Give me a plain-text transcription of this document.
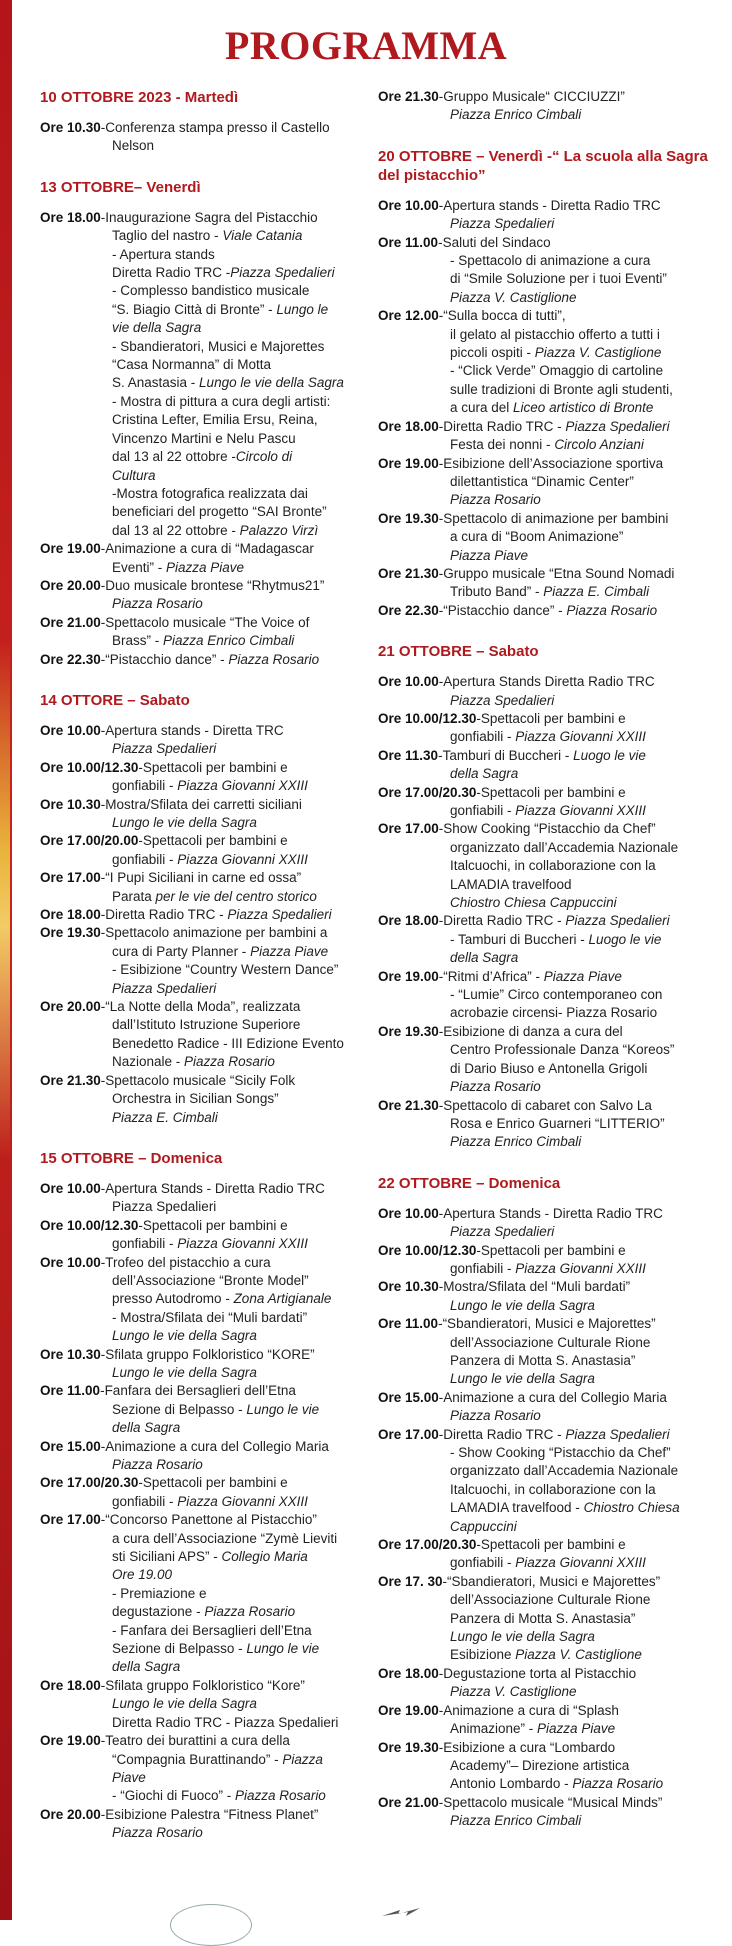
PROGRAMMA
10 OTTOBRE 2023 - Martedì
Ore 10.30 - Conferenza stampa presso il Castello
Nelson
13 OTTOBRE– Venerdì
Ore 18.00 - Inaugurazione Sagra del Pistacchio
Taglio del nastro - Viale Catania
- Apertura stands
Diretta Radio TRC -Piazza Spedalieri
- Complesso bandistico musicale
“S. Biagio Città di Bronte” - Lungo le
vie della Sagra
- Sbandieratori, Musici e Majorettes
“Casa Normanna” di Motta
S. Anastasia - Lungo le vie della Sagra
- Mostra di pittura a cura degli artisti:
Cristina Lefter, Emilia Ersu, Reina,
Vincenzo Martini e Nelu Pascu
dal 13 al 22 ottobre -Circolo di
Cultura
-Mostra fotografica realizzata dai
beneficiari del progetto “SAI Bronte”
dal 13 al 22 ottobre - Palazzo Virzì
Ore 19.00 - Animazione a cura di “Madagascar
Eventi” - Piazza Piave
Ore 20.00 - Duo musicale brontese “Rhytmus21”
Piazza Rosario
Ore 21.00 - Spettacolo musicale “The Voice of
Brass” - Piazza Enrico Cimbali
Ore 22.30 - “Pistacchio dance” - Piazza Rosario
14 OTTORE – Sabato
Ore 10.00 - Apertura stands - Diretta TRC
Piazza Spedalieri
Ore 10.00/12.30 - Spettacoli per bambini e
gonfiabili - Piazza Giovanni XXIII
Ore 10.30 - Mostra/Sfilata dei carretti siciliani
Lungo le vie della Sagra
Ore 17.00/20.00 - Spettacoli per bambini e
gonfiabili - Piazza Giovanni XXIII
Ore 17.00 - “I Pupi Siciliani in carne ed ossa”
Parata per le vie del centro storico
Ore 18.00 - Diretta Radio TRC - Piazza Spedalieri
Ore 19.30 - Spettacolo animazione per bambini a
cura di Party Planner - Piazza Piave
- Esibizione “Country Western Dance”
Piazza Spedalieri
Ore 20.00 - “La Notte della Moda”, realizzata
dall’Istituto Istruzione Superiore
Benedetto Radice - III Edizione Evento
Nazionale - Piazza Rosario
Ore 21.30 - Spettacolo musicale “Sicily Folk
Orchestra in Sicilian Songs”
Piazza E. Cimbali
15 OTTOBRE – Domenica
Ore 10.00 - Apertura Stands - Diretta Radio TRC
Piazza Spedalieri
Ore 10.00/12.30 - Spettacoli per bambini e
gonfiabili - Piazza Giovanni XXIII
Ore 10.00 - Trofeo del pistacchio a cura
dell’Associazione “Bronte Model”
presso Autodromo - Zona Artigianale
- Mostra/Sfilata dei “Muli bardati”
Lungo le vie della Sagra
Ore 10.30 - Sfilata gruppo Folkloristico “KORE”
Lungo le vie della Sagra
Ore 11.00 - Fanfara dei Bersaglieri dell’Etna
Sezione di Belpasso - Lungo le vie
della Sagra
Ore 15.00 - Animazione a cura del Collegio Maria
Piazza Rosario
Ore 17.00/20.30 - Spettacoli per bambini e
gonfiabili - Piazza Giovanni XXIII
Ore 17.00 - “Concorso Panettone al Pistacchio”
a cura dell’Associazione “Zymè Lieviti
sti Siciliani APS” - Collegio Maria
Ore 19.00
- Premiazione e
degustazione - Piazza Rosario
- Fanfara dei Bersaglieri dell’Etna
Sezione di Belpasso - Lungo le vie
della Sagra
Ore 18.00 - Sfilata gruppo Folkloristico “Kore”
Lungo le vie della Sagra
Diretta Radio TRC - Piazza Spedalieri
Ore 19.00 - Teatro dei burattini a cura della
“Compagnia Burattinando” - Piazza
Piave
- “Giochi di Fuoco” - Piazza Rosario
Ore 20.00 - Esibizione Palestra “Fitness Planet”
Piazza Rosario
Ore 21.30 - Gruppo Musicale“ CICCIUZZI”
Piazza Enrico Cimbali
20 OTTOBRE – Venerdì -“ La scuola alla Sagra del pistacchio”
Ore 10.00 - Apertura stands - Diretta Radio TRC
Piazza Spedalieri
Ore 11.00 - Saluti del Sindaco
- Spettacolo di animazione a cura
di “Smile Soluzione per i tuoi Eventi”
Piazza V. Castiglione
Ore 12.00 - “Sulla bocca di tutti”,
il gelato al pistacchio offerto a tutti i
piccoli ospiti - Piazza V. Castiglione
- “Click Verde” Omaggio di cartoline
sulle tradizioni di Bronte agli studenti,
a cura del Liceo artistico di Bronte
Ore 18.00 - Diretta Radio TRC - Piazza Spedalieri
Festa dei nonni - Circolo Anziani
Ore 19.00 - Esibizione dell’Associazione sportiva
dilettantistica “Dinamic Center”
Piazza Rosario
Ore 19.30 - Spettacolo di animazione per bambini
a cura di “Boom Animazione”
Piazza Piave
Ore 21.30 - Gruppo musicale “Etna Sound Nomadi
Tributo Band” - Piazza E. Cimbali
Ore 22.30 - “Pistacchio dance” - Piazza Rosario
21 OTTOBRE – Sabato
Ore 10.00 - Apertura Stands Diretta Radio TRC
Piazza Spedalieri
Ore 10.00/12.30 - Spettacoli per bambini e
gonfiabili - Piazza Giovanni XXIII
Ore 11.30 - Tamburi di Buccheri - Luogo le vie
della Sagra
Ore 17.00/20.30 - Spettacoli per bambini e
gonfiabili - Piazza Giovanni XXIII
Ore 17.00 - Show Cooking “Pistacchio da Chef”
organizzato dall’Accademia Nazionale
Italcuochi, in collaborazione con la
LAMADIA travelfood
Chiostro Chiesa Cappuccini
Ore 18.00 - Diretta Radio TRC - Piazza Spedalieri
- Tamburi di Buccheri - Luogo le vie
della Sagra
Ore 19.00 - “Ritmi d’Africa” - Piazza Piave
- “Lumie” Circo contemporaneo con
acrobazie circensi- Piazza Rosario
Ore 19.30 - Esibizione di danza a cura del
Centro Professionale Danza “Koreos”
di Dario Biuso e Antonella Grigoli
Piazza Rosario
Ore 21.30 - Spettacolo di cabaret con Salvo La
Rosa e Enrico Guarneri “LITTERIO”
Piazza Enrico Cimbali
22 OTTOBRE – Domenica
Ore 10.00 - Apertura Stands - Diretta Radio TRC
Piazza Spedalieri
Ore 10.00/12.30 - Spettacoli per bambini e
gonfiabili - Piazza Giovanni XXIII
Ore 10.30 - Mostra/Sfilata del “Muli bardati”
Lungo le vie della Sagra
Ore 11.00 - “Sbandieratori, Musici e Majorettes”
dell’Associazione Culturale Rione
Panzera di Motta S. Anastasia”
Lungo le vie della Sagra
Ore 15.00 - Animazione a cura del Collegio Maria
Piazza Rosario
Ore 17.00 - Diretta Radio TRC - Piazza Spedalieri
- Show Cooking “Pistacchio da Chef”
organizzato dall’Accademia Nazionale
Italcuochi, in collaborazione con la
LAMADIA travelfood - Chiostro Chiesa
Cappuccini
Ore 17.00/20.30 - Spettacoli per bambini e
gonfiabili - Piazza Giovanni XXIII
Ore 17. 30 - “Sbandieratori, Musici e Majorettes”
dell’Associazione Culturale Rione
Panzera di Motta S. Anastasia”
Lungo le vie della Sagra
Esibizione Piazza V. Castiglione
Ore 18.00 - Degustazione torta al Pistacchio
Piazza V. Castiglione
Ore 19.00 - Animazione a cura di “Splash
Animazione” - Piazza Piave
Ore 19.30 - Esibizione a cura “Lombardo
Academy”– Direzione artistica
Antonio Lombardo - Piazza Rosario
Ore 21.00 - Spettacolo musicale “Musical Minds”
Piazza Enrico Cimbali
